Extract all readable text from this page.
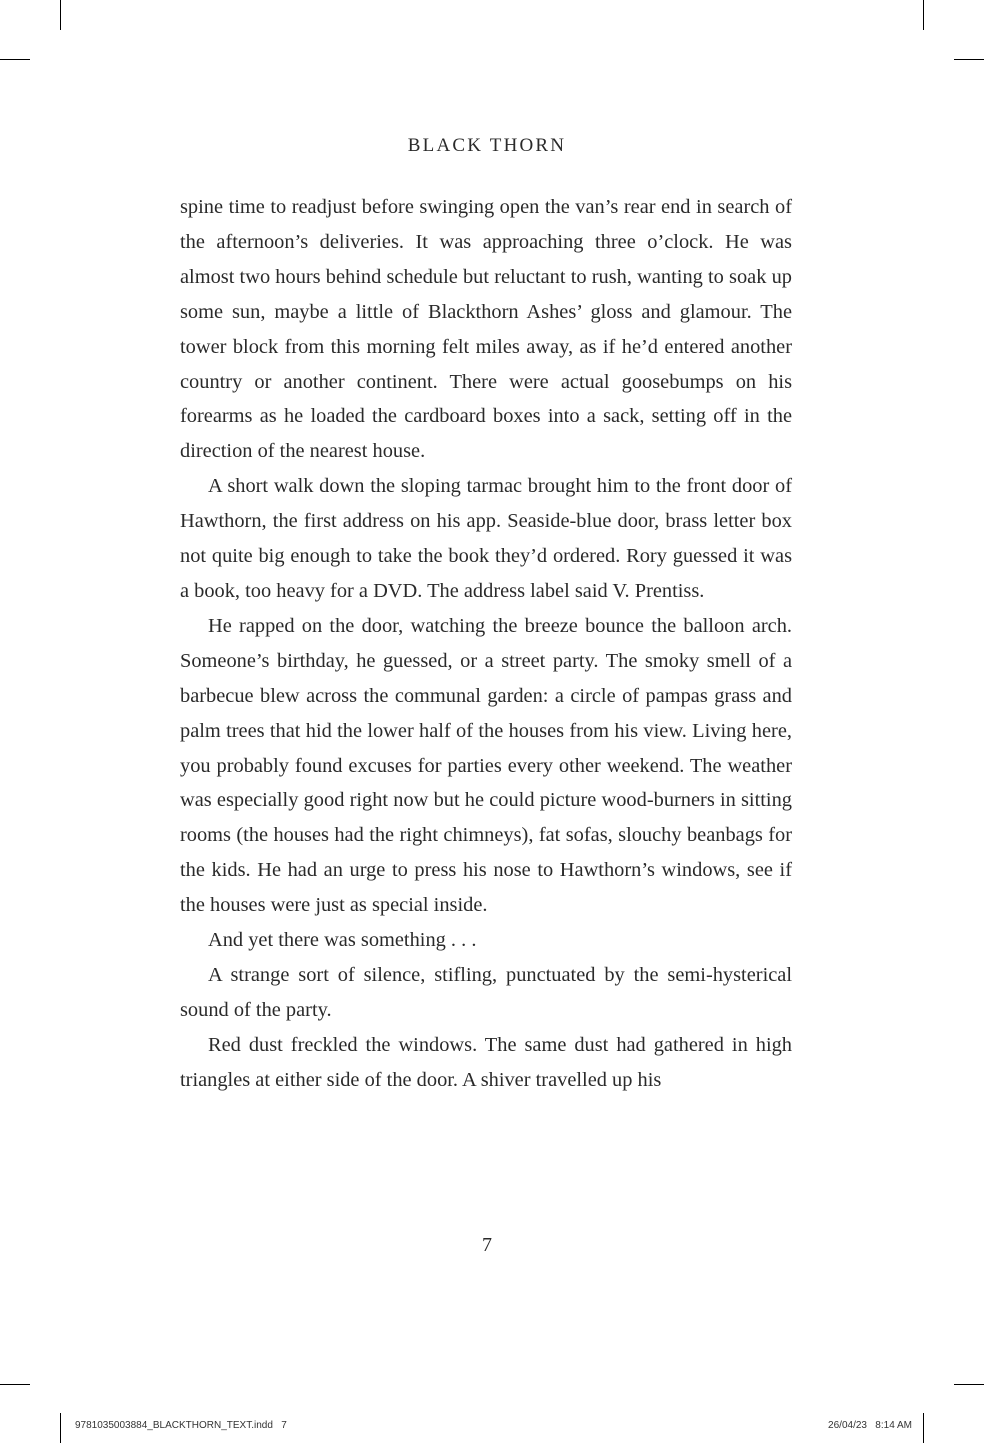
BLACK THORN

spine time to readjust before swinging open the van’s rear end in search of the afternoon’s deliveries. It was approaching three o’clock. He was almost two hours behind schedule but reluctant to rush, wanting to soak up some sun, maybe a little of Blackthorn Ashes’ gloss and glamour. The tower block from this morning felt miles away, as if he’d entered another country or another continent. There were actual goosebumps on his forearms as he loaded the cardboard boxes into a sack, setting off in the direction of the nearest house.

A short walk down the sloping tarmac brought him to the front door of Hawthorn, the first address on his app. Seaside-blue door, brass letter box not quite big enough to take the book they’d ordered. Rory guessed it was a book, too heavy for a DVD. The address label said V. Prentiss.

He rapped on the door, watching the breeze bounce the balloon arch. Someone’s birthday, he guessed, or a street party. The smoky smell of a barbecue blew across the communal garden: a circle of pampas grass and palm trees that hid the lower half of the houses from his view. Living here, you probably found excuses for parties every other weekend. The weather was especially good right now but he could picture wood-burners in sitting rooms (the houses had the right chimneys), fat sofas, slouchy beanbags for the kids. He had an urge to press his nose to Hawthorn’s windows, see if the houses were just as special inside.

And yet there was something . . .

A strange sort of silence, stifling, punctuated by the semi-hysterical sound of the party.

Red dust freckled the windows. The same dust had gathered in high triangles at either side of the door. A shiver travelled up his

7
9781035003884_BLACKTHORN_TEXT.indd   7	26/04/23   8:14 AM
